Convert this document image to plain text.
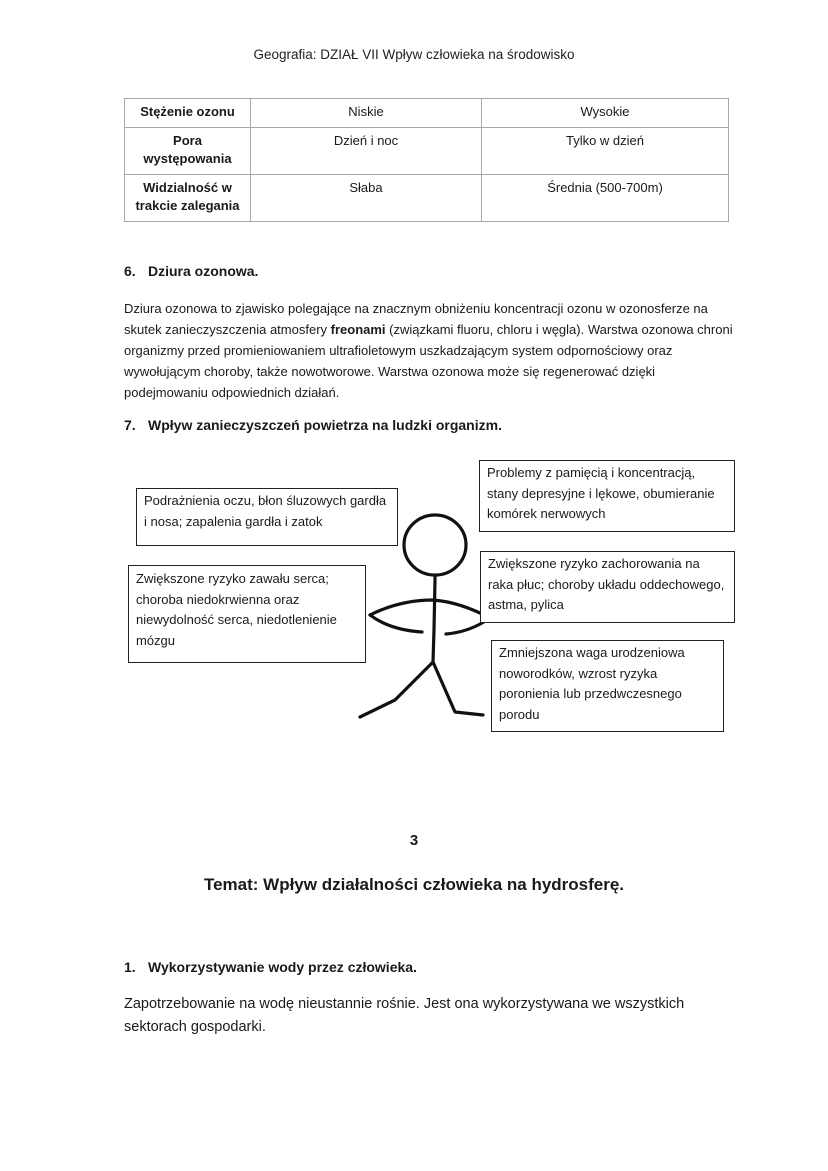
Geografia: DZIAŁ VII Wpływ człowieka na środowisko
Stężenie ozonu	Niskie	Wysokie
Pora występowania	Dzień i noc	Tylko w dzień
Widzialność w trakcie zalegania	Słaba	Średnia (500-700m)
6. Dziura ozonowa.
Dziura ozonowa to zjawisko polegające na znacznym obniżeniu koncentracji ozonu w ozonosferze na skutek zanieczyszczenia atmosfery freonami (związkami fluoru, chloru i węgla). Warstwa ozonowa chroni organizmy przed promieniowaniem ultrafioletowym uszkadzającym system odpornościowy oraz wywołującym choroby, także nowotworowe. Warstwa ozonowa może się regenerować dzięki podejmowaniu odpowiednich działań.
7. Wpływ zanieczyszczeń powietrza na ludzki organizm.
Podrażnienia oczu, błon śluzowych gardła i nosa; zapalenia gardła i zatok
Problemy z pamięcią i koncentracją, stany depresyjne i lękowe, obumieranie komórek nerwowych
Zwiększone ryzyko zawału serca; choroba niedokrwienna oraz niewydolność serca, niedotlenienie mózgu
Zwiększone ryzyko zachorowania na raka płuc; choroby układu oddechowego, astma, pylica
Zmniejszona waga urodzeniowa noworodków, wzrost ryzyka poronienia lub przedwczesnego porodu
3
Temat: Wpływ działalności człowieka na hydrosferę.
1. Wykorzystywanie wody przez człowieka.
Zapotrzebowanie na wodę nieustannie rośnie. Jest ona wykorzystywana we wszystkich sektorach gospodarki.
